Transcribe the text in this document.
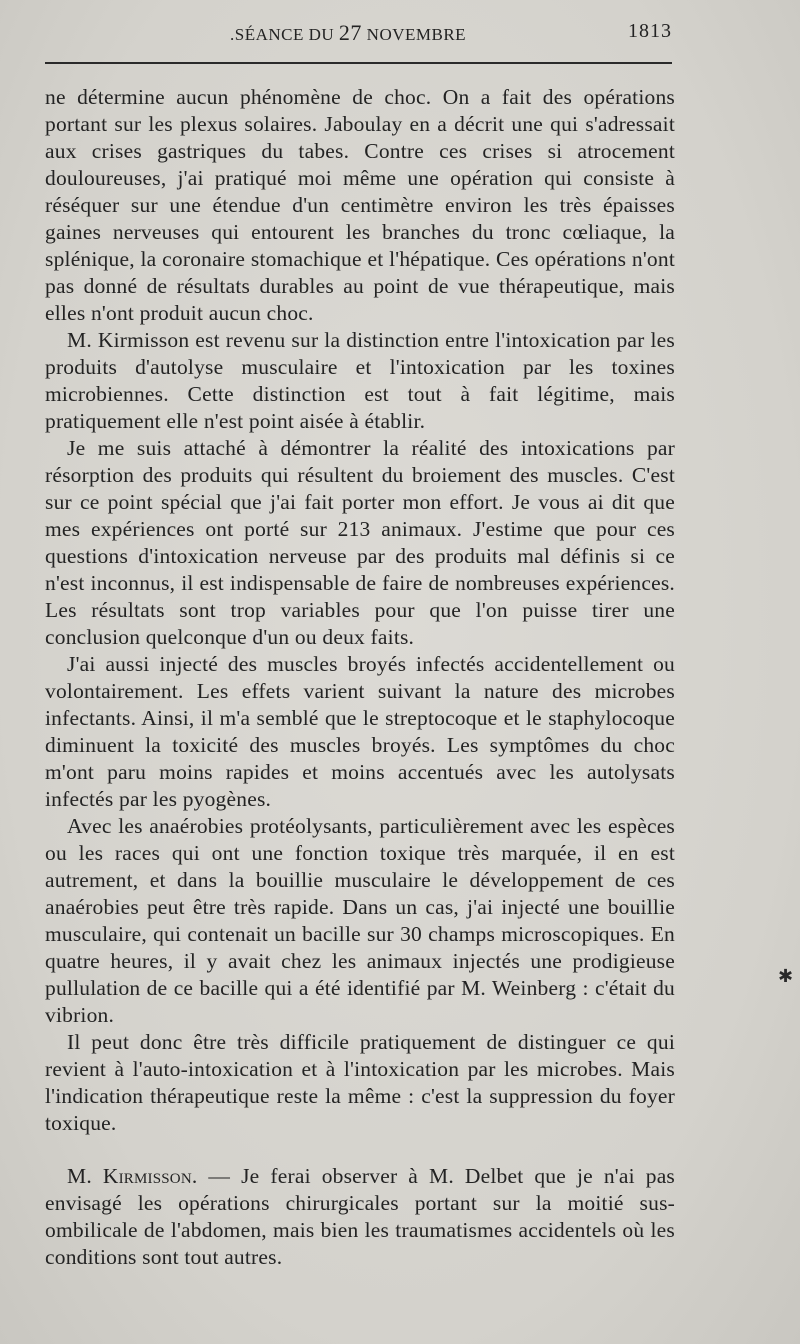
.SÉANCE DU 27 NOVEMBRE	1813

ne détermine aucun phénomène de choc. On a fait des opérations portant sur les plexus solaires. Jaboulay en a décrit une qui s'adressait aux crises gastriques du tabes. Contre ces crises si atrocement douloureuses, j'ai pratiqué moi même une opération qui consiste à réséquer sur une étendue d'un centimètre environ les très épaisses gaines nerveuses qui entourent les branches du tronc cœliaque, la splénique, la coronaire stomachique et l'hépatique. Ces opérations n'ont pas donné de résultats durables au point de vue thérapeutique, mais elles n'ont produit aucun choc.

M. Kirmisson est revenu sur la distinction entre l'intoxication par les produits d'autolyse musculaire et l'intoxication par les toxines microbiennes. Cette distinction est tout à fait légitime, mais pratiquement elle n'est point aisée à établir.

Je me suis attaché à démontrer la réalité des intoxications par résorption des produits qui résultent du broiement des muscles. C'est sur ce point spécial que j'ai fait porter mon effort. Je vous ai dit que mes expériences ont porté sur 213 animaux. J'estime que pour ces questions d'intoxication nerveuse par des produits mal définis si ce n'est inconnus, il est indispensable de faire de nombreuses expériences. Les résultats sont trop variables pour que l'on puisse tirer une conclusion quelconque d'un ou deux faits.

J'ai aussi injecté des muscles broyés infectés accidentellement ou volontairement. Les effets varient suivant la nature des microbes infectants. Ainsi, il m'a semblé que le streptocoque et le staphylocoque diminuent la toxicité des muscles broyés. Les symptômes du choc m'ont paru moins rapides et moins accentués avec les autolysats infectés par les pyogènes.

Avec les anaérobies protéolysants, particulièrement avec les espèces ou les races qui ont une fonction toxique très marquée, il en est autrement, et dans la bouillie musculaire le développement de ces anaérobies peut être très rapide. Dans un cas, j'ai injecté une bouillie musculaire, qui contenait un bacille sur 30 champs microscopiques. En quatre heures, il y avait chez les animaux injectés une prodigieuse pullulation de ce bacille qui a été identifié par M. Weinberg : c'était du vibrion.

Il peut donc être très difficile pratiquement de distinguer ce qui revient à l'auto-intoxication et à l'intoxication par les microbes. Mais l'indication thérapeutique reste la même : c'est la suppression du foyer toxique.

M. Kirmisson. — Je ferai observer à M. Delbet que je n'ai pas envisagé les opérations chirurgicales portant sur la moitié sus-ombilicale de l'abdomen, mais bien les traumatismes accidentels où les conditions sont tout autres.

✱
